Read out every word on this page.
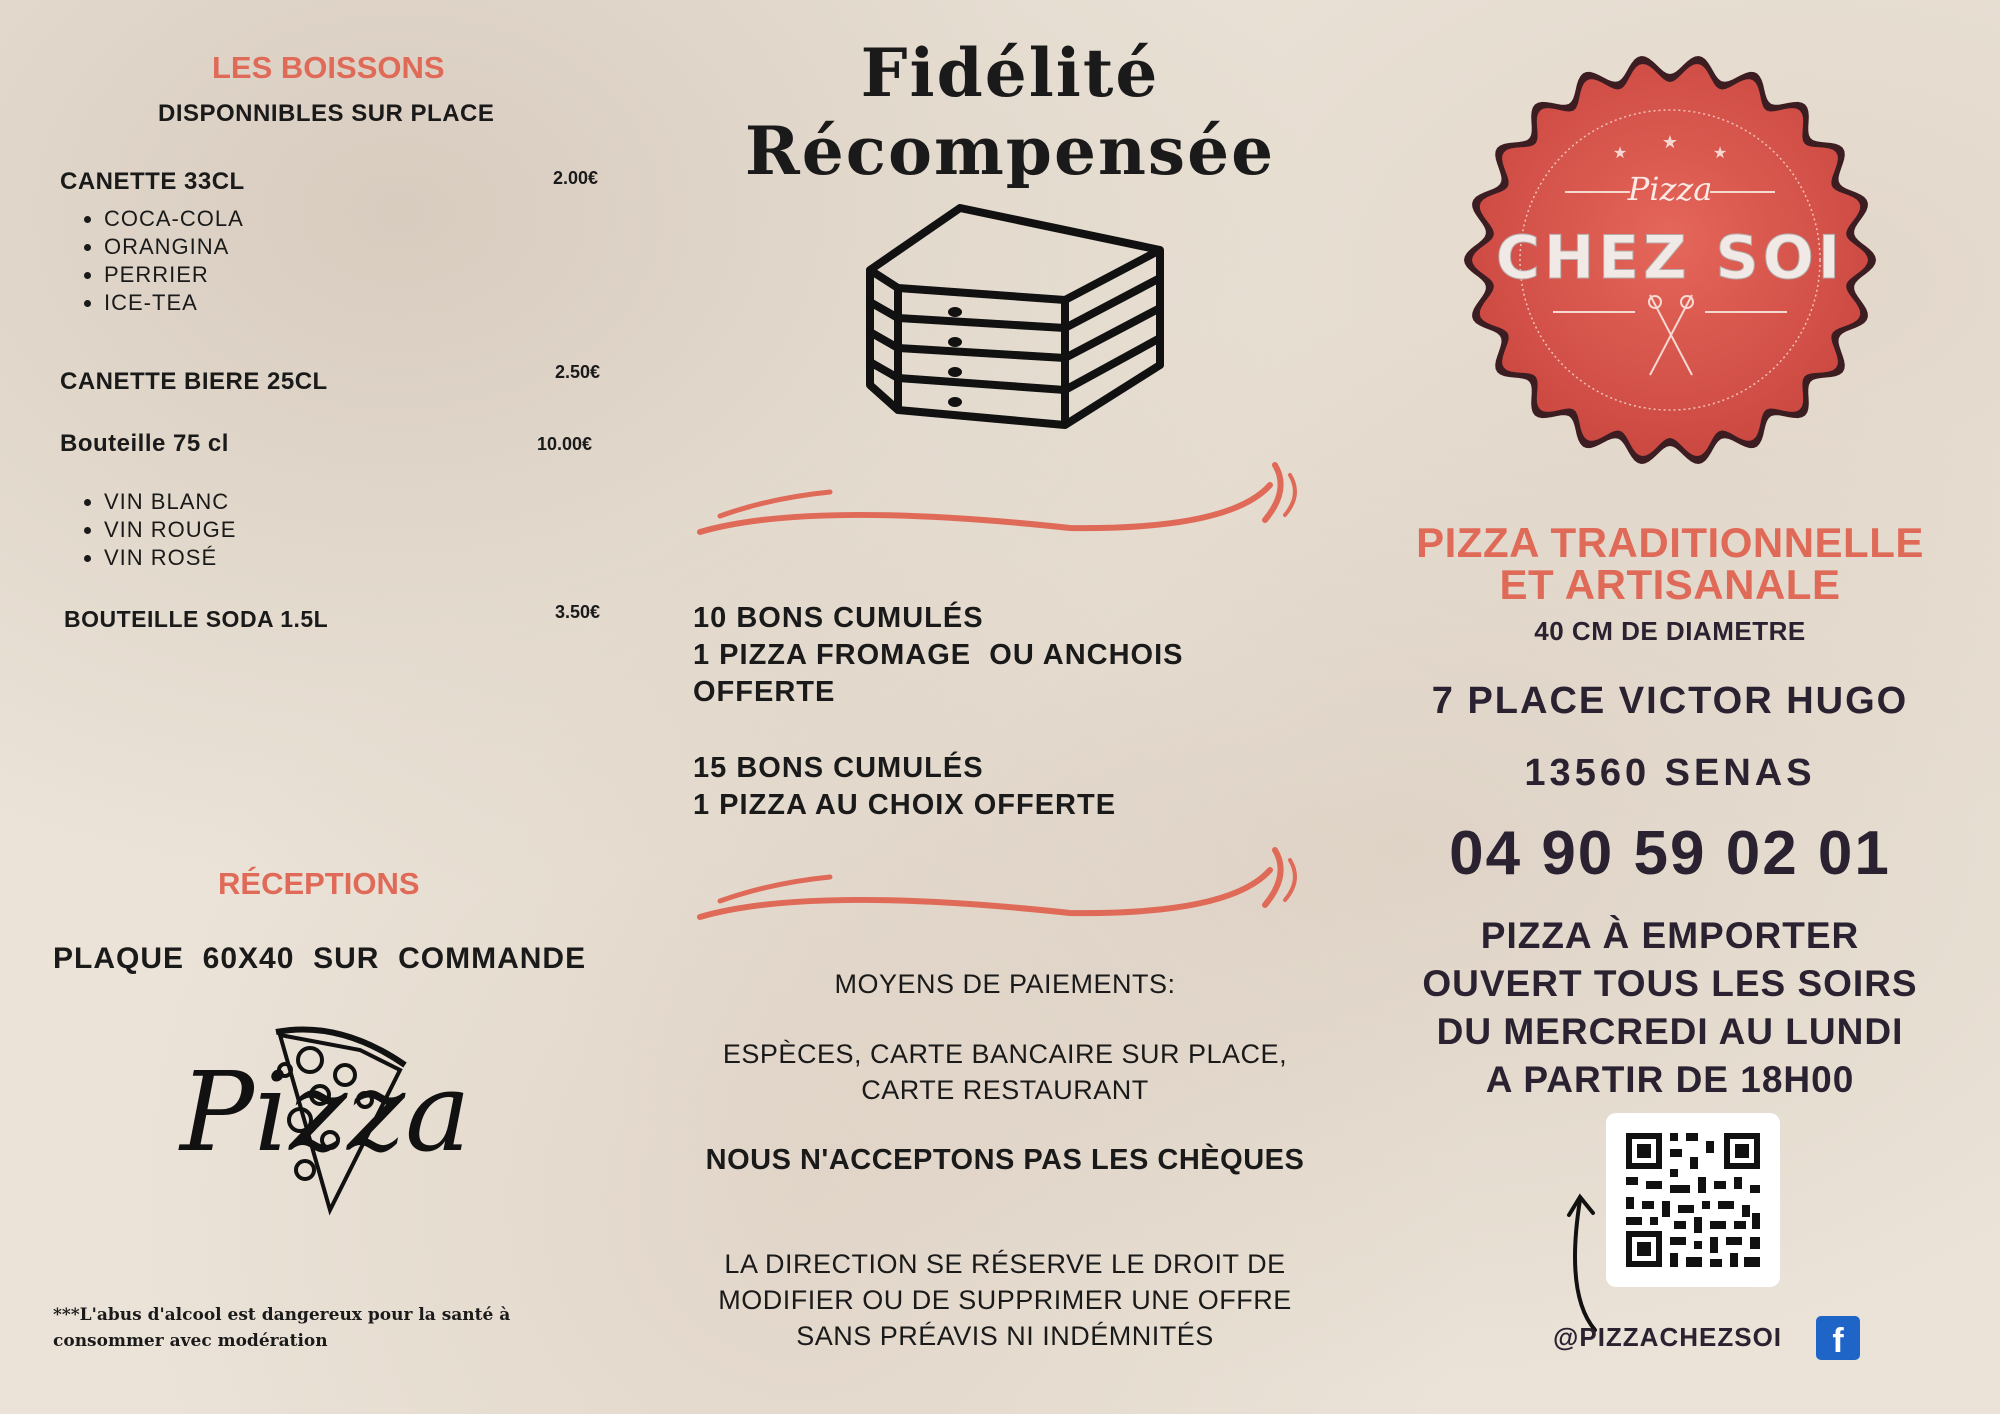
LES BOISSONS
DISPONNIBLES SUR PLACE
CANETTE 33CL	2.00€
• COCA-COLA
• ORANGINA
• PERRIER
• ICE-TEA
CANETTE BIERE 25CL	2.50€
Bouteille 75 cl	10.00€
• VIN BLANC
• VIN ROUGE
• VIN ROSÉ
BOUTEILLE SODA 1.5L	3.50€
RÉCEPTIONS
PLAQUE  60X40  SUR  COMMANDE
Pizza
***L'abus d'alcool est dangereux pour la santé à
consommer avec modération
Fidélité
Récompensée
10 BONS CUMULÉS
1 PIZZA FROMAGE  OU ANCHOIS
OFFERTE
15 BONS CUMULÉS
1 PIZZA AU CHOIX OFFERTE
MOYENS DE PAIEMENTS:
ESPÈCES, CARTE BANCAIRE SUR PLACE,
CARTE RESTAURANT
NOUS N'ACCEPTONS PAS LES CHÈQUES
LA DIRECTION SE RÉSERVE LE DROIT DE
MODIFIER OU DE SUPPRIMER UNE OFFRE
SANS PRÉAVIS NI INDÉMNITÉS
Pizza
CHEZ SOI
★
★
★
PIZZA TRADITIONNELLE
ET ARTISANALE
40 CM DE DIAMETRE
7 PLACE VICTOR HUGO
13560 SENAS
04 90 59 02 01
PIZZA À EMPORTER
OUVERT TOUS LES SOIRS
DU MERCREDI AU LUNDI
A PARTIR DE 18H00
@PIZZACHEZSOI	f
